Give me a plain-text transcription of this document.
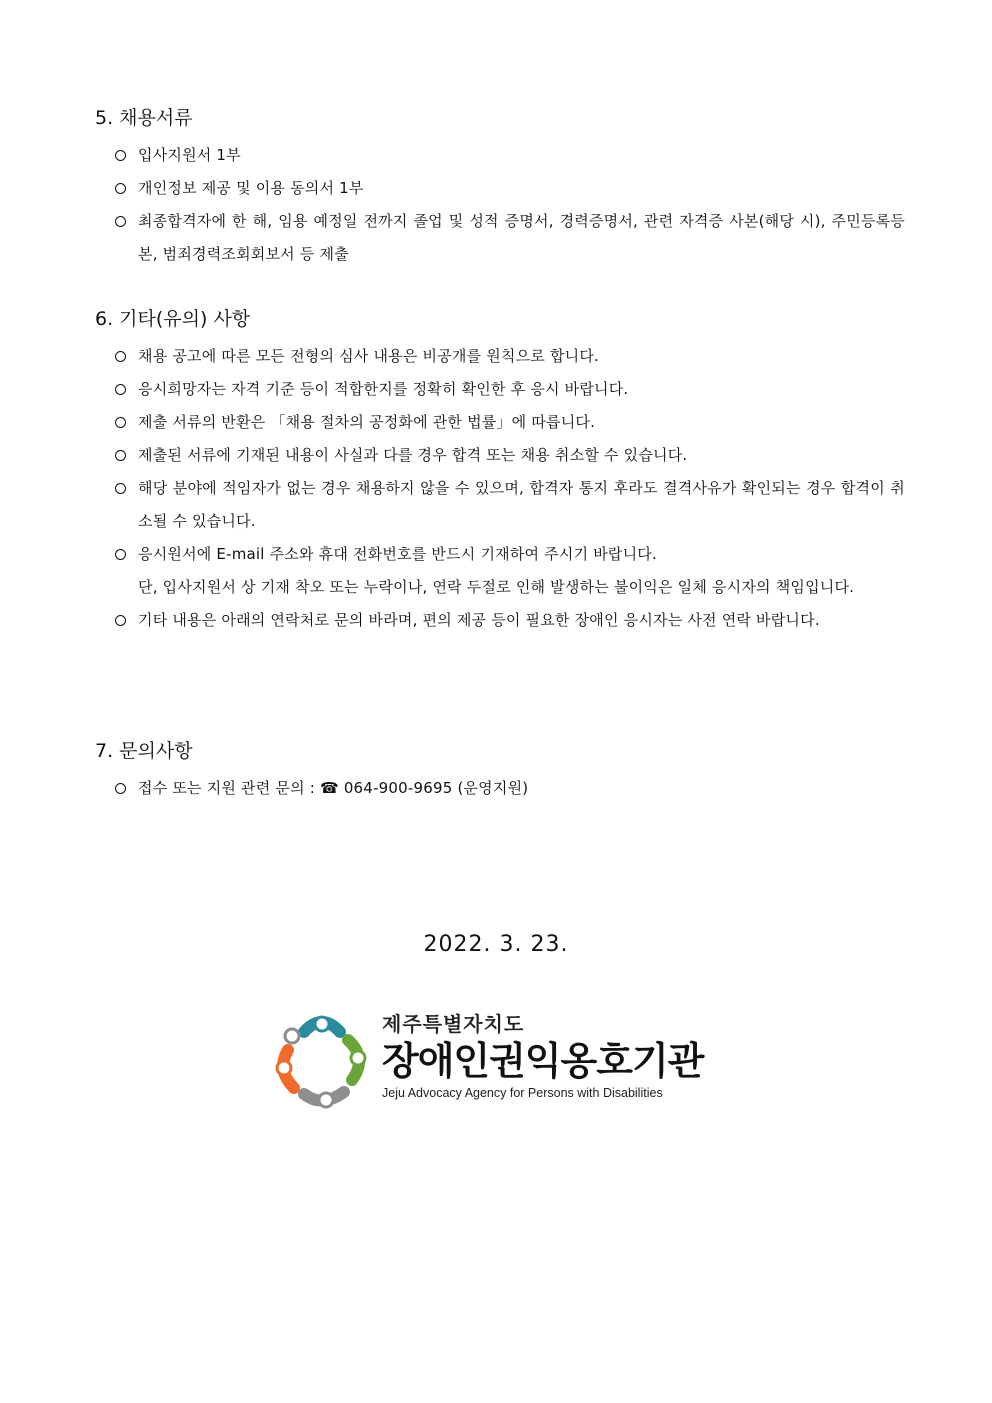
5. 채용서류
입사지원서 1부
개인정보 제공 및 이용 동의서 1부
최종합격자에 한 해, 임용 예정일 전까지 졸업 및 성적 증명서, 경력증명서, 관련 자격증 사본(해당 시), 주민등록등본, 범죄경력조회회보서 등 제출
6. 기타(유의) 사항
채용 공고에 따른 모든 전형의 심사 내용은 비공개를 원칙으로 합니다.
응시희망자는 자격 기준 등이 적합한지를 정확히 확인한 후 응시 바랍니다.
제출 서류의 반환은 「채용 절차의 공정화에 관한 법률」에 따릅니다.
제출된 서류에 기재된 내용이 사실과 다를 경우 합격 또는 채용 취소할 수 있습니다.
해당 분야에 적임자가 없는 경우 채용하지 않을 수 있으며, 합격자 통지 후라도 결격사유가 확인되는 경우 합격이 취소될 수 있습니다.
응시원서에 E-mail 주소와 휴대 전화번호를 반드시 기재하여 주시기 바랍니다.
단, 입사지원서 상 기재 착오 또는 누락이나, 연락 두절로 인해 발생하는 불이익은 일체 응시자의 책임입니다.
기타 내용은 아래의 연락처로 문의 바라며, 편의 제공 등이 필요한 장애인 응시자는 사전 연락 바랍니다.
7. 문의사항
접수 또는 지원 관련 문의 : ☎ 064-900-9695 (운영지원)
2022. 3. 23.
제주특별자치도
장애인권익옹호기관
Jeju Advocacy Agency for Persons with Disabilities
